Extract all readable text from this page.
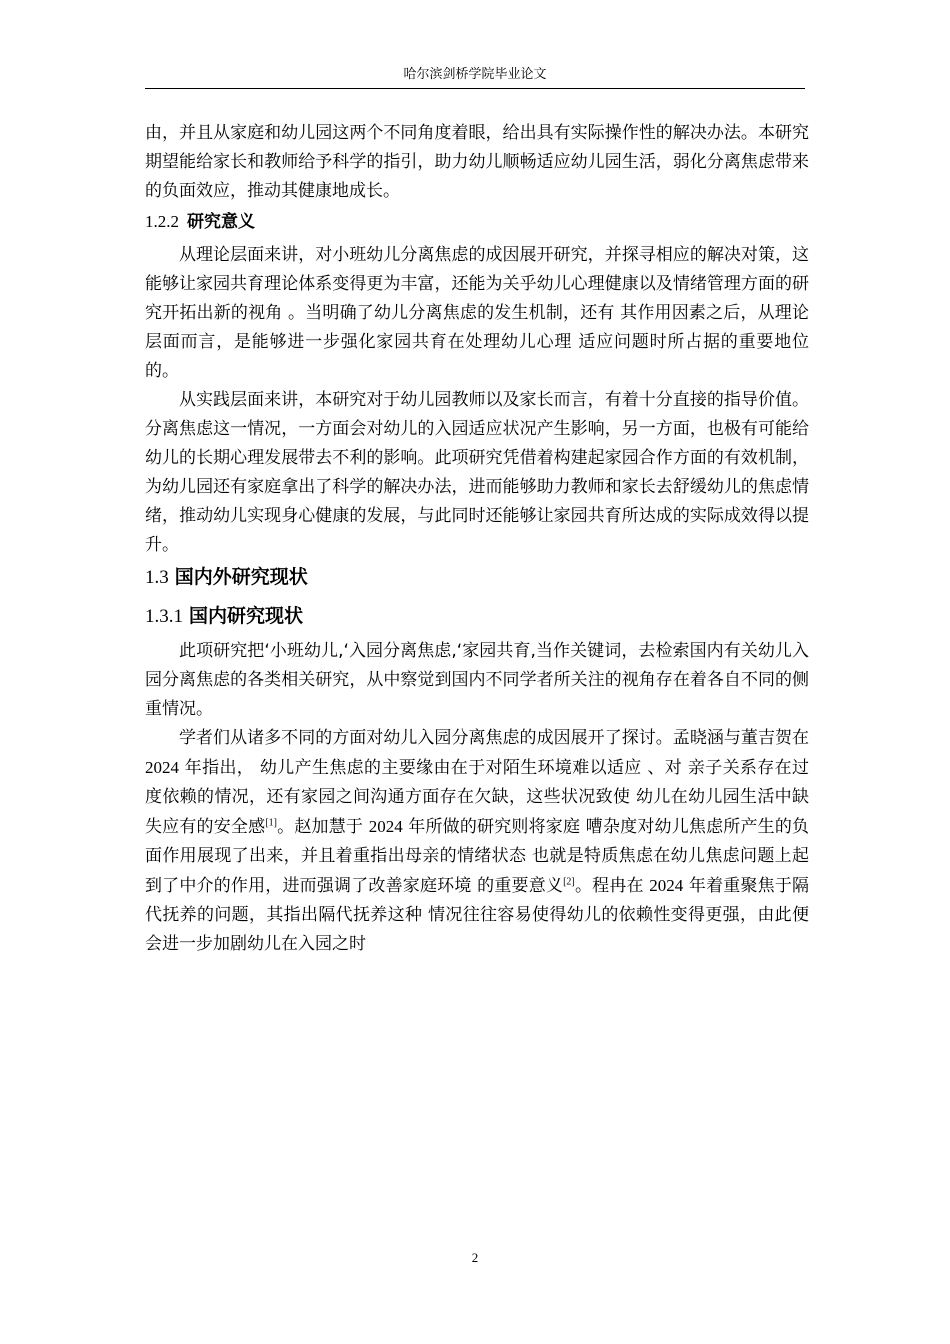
哈尔滨剑桥学院毕业论文

由，并且从家庭和幼儿园这两个不同角度着眼，给出具有实际操作性的解决办法。本研究期望能给家长和教师给予科学的指引，助力幼儿顺畅适应幼儿园生活，弱化分离焦虑带来的负面效应，推动其健康地成长。

1.2.2 研究意义

从理论层面来讲，对小班幼儿分离焦虑的成因展开研究，并探寻相应的解决对策，这能够让家园共育理论体系变得更为丰富，还能为关乎幼儿心理健康以及情绪管理方面的研究开拓出新的视角 。当明确了幼儿分离焦虑的发生机制，还有 其作用因素之后，从理论层面而言，是能够进一步强化家园共育在处理幼儿心理 适应问题时所占据的重要地位的。

从实践层面来讲，本研究对于幼儿园教师以及家长而言，有着十分直接的指导价值。分离焦虑这一情况，一方面会对幼儿的入园适应状况产生影响，另一方面，也极有可能给幼儿的长期心理发展带去不利的影响。此项研究凭借着构建起家园合作方面的有效机制，为幼儿园还有家庭拿出了科学的解决办法，进而能够助力教师和家长去舒缓幼儿的焦虑情绪，推动幼儿实现身心健康的发展，与此同时还能够让家园共育所达成的实际成效得以提升。

1.3 国内外研究现状
1.3.1 国内研究现状

此项研究把‘小班幼儿,‘入园分离焦虑,‘家园共育,当作关键词，去检索国内有关幼儿入园分离焦虑的各类相关研究，从中察觉到国内不同学者所关注的视角存在着各自不同的侧重情况。

学者们从诸多不同的方面对幼儿入园分离焦虑的成因展开了探讨。孟晓涵与董吉贺在 2024 年指出， 幼儿产生焦虑的主要缘由在于对陌生环境难以适应 、对 亲子关系存在过度依赖的情况，还有家园之间沟通方面存在欠缺，这些状况致使 幼儿在幼儿园生活中缺失应有的安全感[1]。赵加慧于 2024 年所做的研究则将家庭 嘈杂度对幼儿焦虑所产生的负面作用展现了出来，并且着重指出母亲的情绪状态 也就是特质焦虑在幼儿焦虑问题上起到了中介的作用，进而强调了改善家庭环境 的重要意义[2]。程冉在 2024 年着重聚焦于隔代抚养的问题，其指出隔代抚养这种 情况往往容易使得幼儿的依赖性变得更强，由此便会进一步加剧幼儿在入园之时

2
